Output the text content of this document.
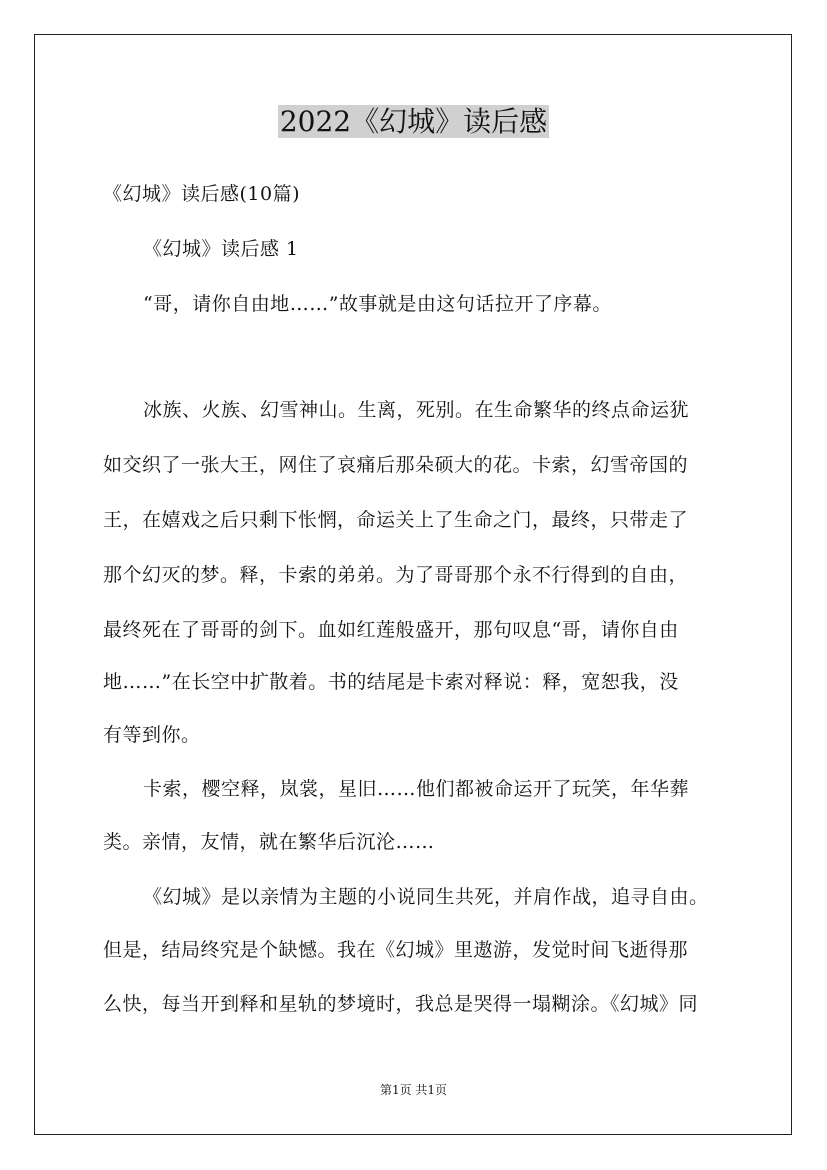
2022《幻城》读后感
《幻城》读后感(10篇)
《幻城》读后感 1
“哥，请你自由地……”故事就是由这句话拉开了序幕。
冰族、火族、幻雪神山。生离，死别。在生命繁华的终点命运犹
如交织了一张大王，网住了哀痛后那朵硕大的花。卡索，幻雪帝国的
王，在嬉戏之后只剩下怅惘，命运关上了生命之门，最终，只带走了
那个幻灭的梦。释，卡索的弟弟。为了哥哥那个永不行得到的自由，
最终死在了哥哥的剑下。血如红莲般盛开，那句叹息“哥，请你自由
地……”在长空中扩散着。书的结尾是卡索对释说：释，宽恕我，没
有等到你。
卡索，樱空释，岚裳，星旧……他们都被命运开了玩笑，年华葬
类。亲情，友情，就在繁华后沉沦……
《幻城》是以亲情为主题的小说同生共死，并肩作战，追寻自由。
但是，结局终究是个缺憾。我在《幻城》里遨游，发觉时间飞逝得那
么快，每当开到释和星轨的梦境时，我总是哭得一塌糊涂。《幻城》同
第1页 共1页
